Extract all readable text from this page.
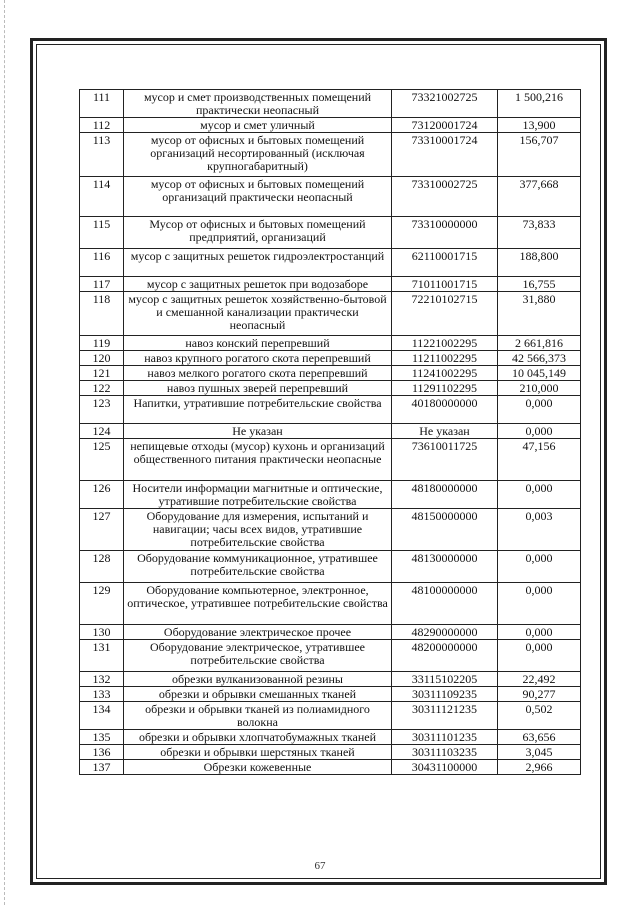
111	мусор и смет производственных помещений практически неопасный	73321002725	1 500,216
112	мусор и смет уличный	73120001724	13,900
113	мусор от офисных и бытовых помещений организаций несортированный (исключая крупногабаритный)	73310001724	156,707
114	мусор от офисных и бытовых помещений организаций практически неопасный	73310002725	377,668
115	Мусор от офисных и бытовых помещений предприятий, организаций	73310000000	73,833
116	мусор с защитных решеток гидроэлектростанций	62110001715	188,800
117	мусор с защитных решеток при водозаборе	71011001715	16,755
118	мусор с защитных решеток хозяйственно-бытовой и смешанной канализации практически неопасный	72210102715	31,880
119	навоз конский перепревший	11221002295	2 661,816
120	навоз крупного рогатого скота перепревший	11211002295	42 566,373
121	навоз мелкого рогатого скота перепревший	11241002295	10 045,149
122	навоз пушных зверей перепревший	11291102295	210,000
123	Напитки, утратившие потребительские свойства	40180000000	0,000
124	Не указан	Не указан	0,000
125	непищевые отходы (мусор) кухонь и организаций общественного питания практически неопасные	73610011725	47,156
126	Носители информации магнитные и оптические, утратившие потребительские свойства	48180000000	0,000
127	Оборудование для измерения, испытаний и навигации; часы всех видов, утратившие потребительские свойства	48150000000	0,003
128	Оборудование коммуникационное, утратившее потребительские свойства	48130000000	0,000
129	Оборудование компьютерное, электронное, оптическое, утратившее потребительские свойства	48100000000	0,000
130	Оборудование электрическое прочее	48290000000	0,000
131	Оборудование электрическое, утратившее потребительские свойства	48200000000	0,000
132	обрезки вулканизованной резины	33115102205	22,492
133	обрезки и обрывки смешанных тканей	30311109235	90,277
134	обрезки и обрывки тканей из полиамидного волокна	30311121235	0,502
135	обрезки и обрывки хлопчатобумажных тканей	30311101235	63,656
136	обрезки и обрывки шерстяных тканей	30311103235	3,045
137	Обрезки кожевенные	30431100000	2,966
67
